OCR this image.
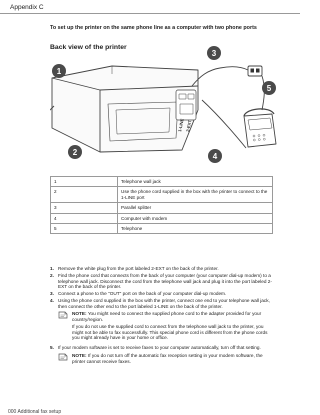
Appendix C
To set up the printer on the same phone line as a computer with two phone ports
Back view of the printer
1-LINE 2-EXT
1
2
3
4
5
1	Telephone wall jack
2	Use the phone cord supplied in the box with the printer to connect to the 1-LINE port
3	Parallel splitter
4	Computer with modem
5	Telephone
1. Remove the white plug from the port labeled 2-EXT on the back of the printer.
2. Find the phone cord that connects from the back of your computer (your computer dial-up modem) to a telephone wall jack. Disconnect the cord from the telephone wall jack and plug it into the port labeled 2-EXT on the back of the printer.
3. Connect a phone to the "OUT" port on the back of your computer dial-up modem.
4. Using the phone cord supplied in the box with the printer, connect one end to your telephone wall jack, then connect the other end to the port labeled 1-LINE on the back of the printer.

NOTE: You might need to connect the supplied phone cord to the adapter provided for your country/region.

If you do not use the supplied cord to connect from the telephone wall jack to the printer, you might not be able to fax successfully. This special phone cord is different from the phone cords you might already have in your home or office.

5. If your modem software is set to receive faxes to your computer automatically, turn off that setting.

NOTE: If you do not turn off the automatic fax reception setting in your modem software, the printer cannot receive faxes.

000 Additional fax setup
